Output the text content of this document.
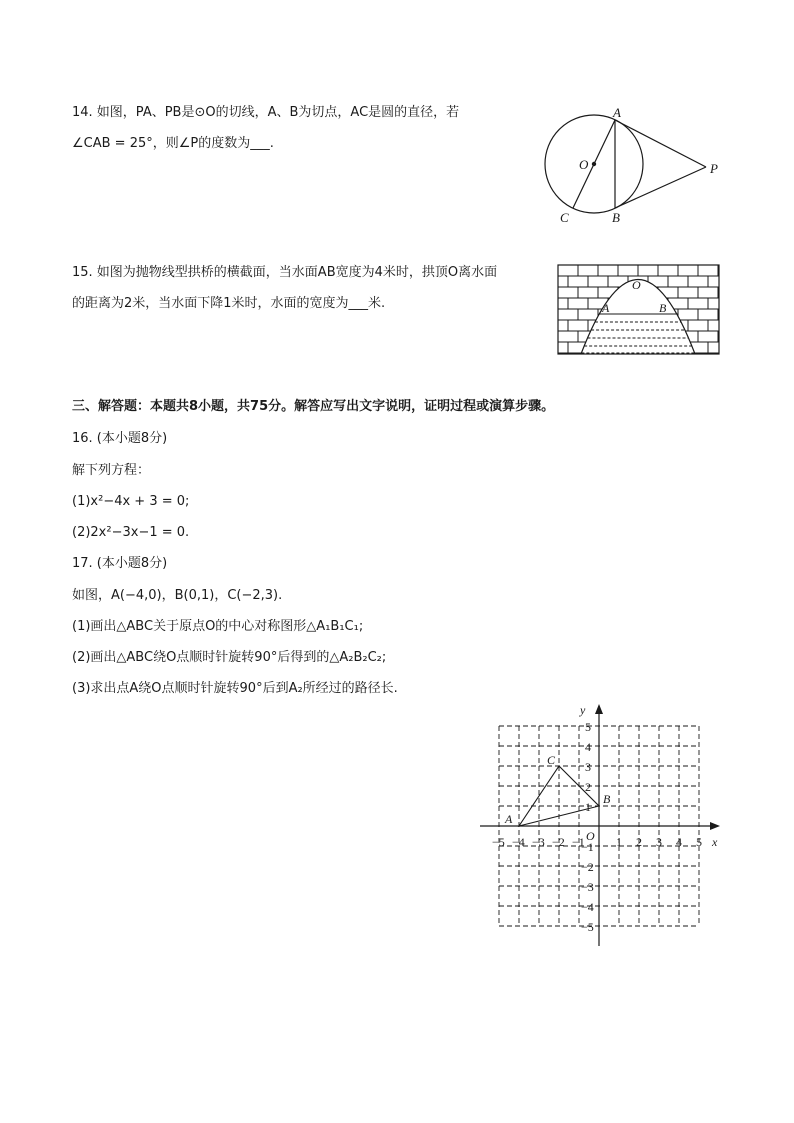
14. 如图，PA、PB是⊙O的切线，A、B为切点，AC是圆的直径，若
∠CAB = 25°，则∠P的度数为___.
A
B
C
O	P
15. 如图为抛物线型拱桥的横截面，当水面AB宽度为4米时，拱顶O离水面
的距离为2米，当水面下降1米时，水面的宽度为___米.
O
A	B
三、解答题：本题共8小题，共75分。解答应写出文字说明，证明过程或演算步骤。
16. (本小题8分)
解下列方程：
(1)x²−4x + 3 = 0;
(2)2x²−3x−1 = 0.
17. (本小题8分)
如图，A(−4,0)，B(0,1)，C(−2,3).
(1)画出△ABC关于原点O的中心对称图形△A₁B₁C₁;
(2)画出△ABC绕O点顺时针旋转90°后得到的△A₂B₂C₂;
(3)求出点A绕O点顺时针旋转90°后到A₂所经过的路径长.
−5 −4 −3 −2 −1	1 2 3 4 5
5
4
3
2
1
−1
−2
−3
−4
−5
A
B
C
O	x
y
